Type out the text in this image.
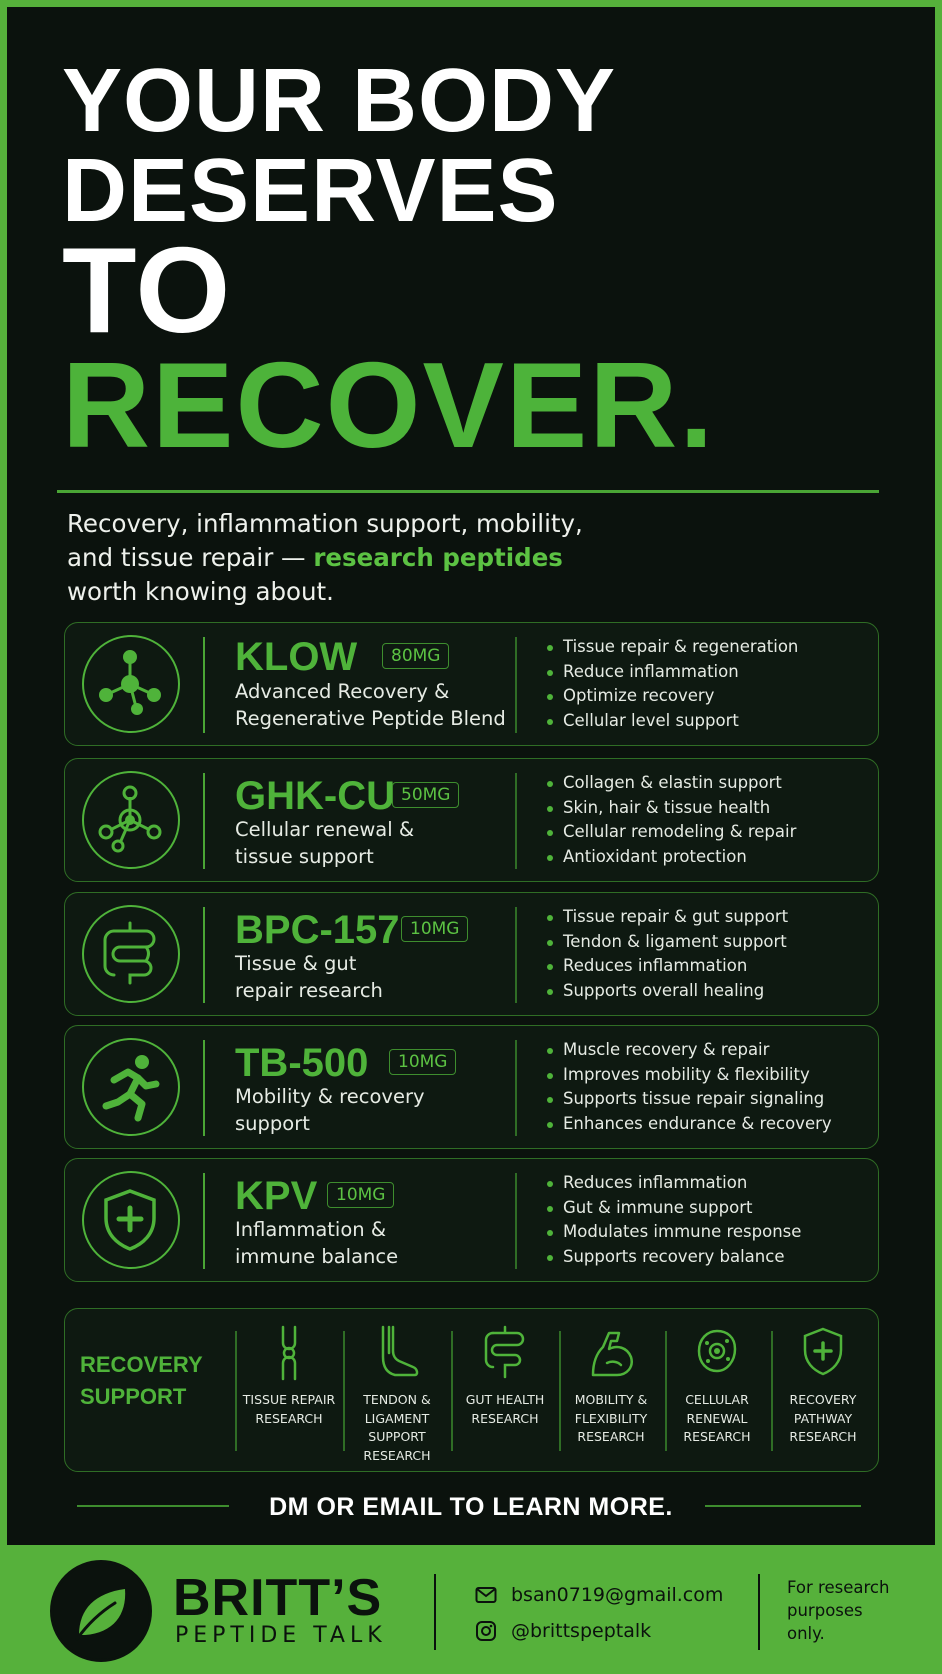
YOUR BODY
DESERVES
TO
RECOVER.
Recovery, inflammation support, mobility,
and tissue repair — research peptides
worth knowing about.
KLOW	80MG
Advanced Recovery &
Regenerative Peptide Blend
Tissue repair & regeneration
Reduce inflammation
Optimize recovery
Cellular level support
GHK-CU 50MG
Cellular renewal &
tissue support
Collagen & elastin support
Skin, hair & tissue health
Cellular remodeling & repair
Antioxidant protection
BPC-157 10MG
Tissue & gut
repair research
Tissue repair & gut support
Tendon & ligament support
Reduces inflammation
Supports overall healing
TB-500	10MG
Mobility & recovery
support
Muscle recovery & repair
Improves mobility & flexibility
Supports tissue repair signaling
Enhances endurance & recovery
KPV	10MG
Inflammation &
immune balance
Reduces inflammation
Gut & immune support
Modulates immune response
Supports recovery balance
RECOVERY
SUPPORT	TISSUE REPAIR
RESEARCH
TENDON &
LIGAMENT
SUPPORT
RESEARCH
GUT HEALTH
RESEARCH
MOBILITY &
FLEXIBILITY
RESEARCH
CELLULAR
RENEWAL
RESEARCH
RECOVERY
PATHWAY
RESEARCH
DM OR EMAIL TO LEARN MORE.
BRITT’S
PEPTIDE TALK
bsan0719@gmail.com
@brittspeptalk
For research
purposes
only.
